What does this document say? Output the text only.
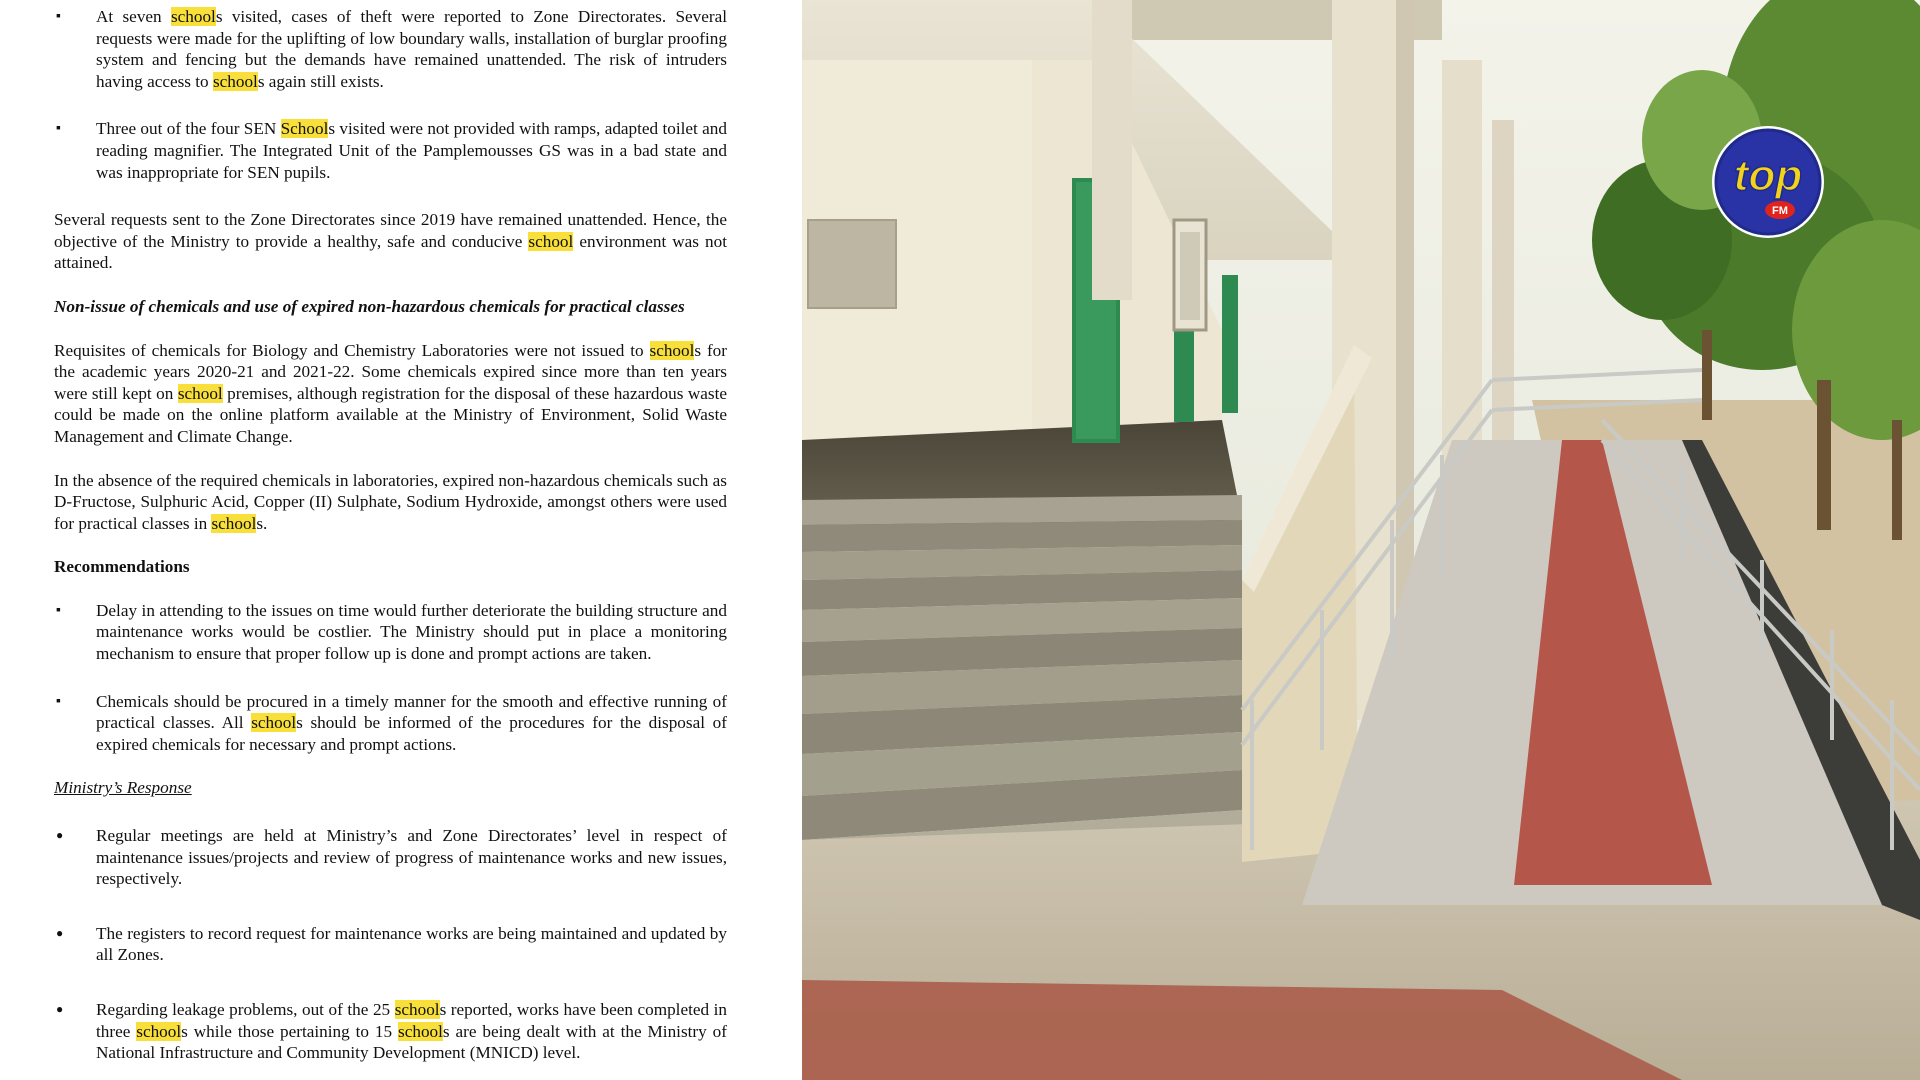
▪
At seven schools visited, cases of theft were reported to Zone Directorates. Several requests were made for the uplifting of low boundary walls, installation of burglar proofing system and fencing but the demands have remained unattended. The risk of intruders having access to schools again still exists.

▪
Three out of the four SEN Schools visited were not provided with ramps, adapted toilet and reading magnifier. The Integrated Unit of the Pamplemousses GS was in a bad state and was inappropriate for SEN pupils.

Several requests sent to the Zone Directorates since 2019 have remained unattended. Hence, the objective of the Ministry to provide a healthy, safe and conducive school environment was not attained.

Non-issue of chemicals and use of expired non-hazardous chemicals for practical classes

Requisites of chemicals for Biology and Chemistry Laboratories were not issued to schools for the academic years 2020-21 and 2021-22. Some chemicals expired since more than ten years were still kept on school premises, although registration for the disposal of these hazardous waste could be made on the online platform available at the Ministry of Environment, Solid Waste Management and Climate Change.

In the absence of the required chemicals in laboratories, expired non-hazardous chemicals such as D-Fructose, Sulphuric Acid, Copper (II) Sulphate, Sodium Hydroxide, amongst others were used for practical classes in schools.

Recommendations

▪
Delay in attending to the issues on time would further deteriorate the building structure and maintenance works would be costlier. The Ministry should put in place a monitoring mechanism to ensure that proper follow up is done and prompt actions are taken.

▪
Chemicals should be procured in a timely manner for the smooth and effective running of practical classes. All schools should be informed of the procedures for the disposal of expired chemicals for necessary and prompt actions.

Ministry’s Response

●
Regular meetings are held at Ministry’s and Zone Directorates’ level in respect of maintenance issues/projects and review of progress of maintenance works and new issues, respectively.

●
The registers to record request for maintenance works are being maintained and updated by all Zones.

●
Regarding leakage problems, out of the 25 schools reported, works have been completed in three schools while those pertaining to 15 schools are being dealt with at the Ministry of National Infrastructure and Community Development (MNICD) level.

top
FM
